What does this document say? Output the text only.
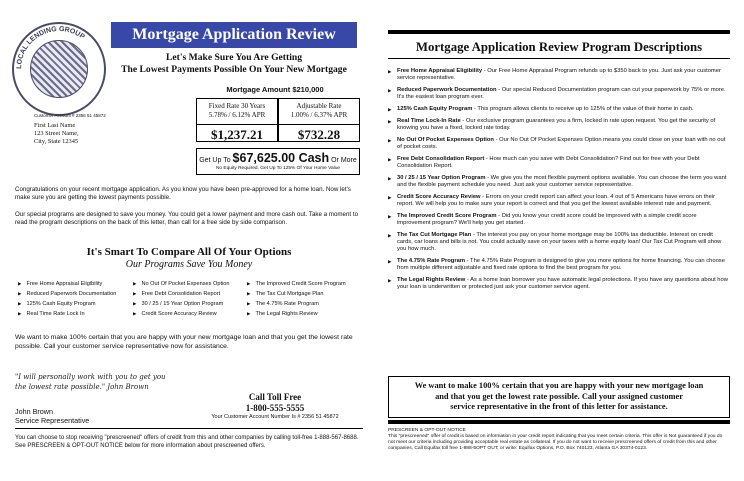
LOCAL LENDING GROUP	Mortgage Application Review
Let's Make Sure You Are Getting
The Lowest Payments Possible On Your New Mortgage
Customer Account # 2356 51 45872
First Last Name
123 Street Name,
City, State 12345
Mortgage Amount $210,000
Fixed Rate 30 Years
5.78% / 6.12% APR
$1,237.21
Adjustable Rate
1.00% / 6.37% APR
$732.28
Get Up To $67,625.00 Cash Or More
No Equity Required. Get Up To 125% Of Your Home Value
Congratulations on your recent mortgage application. As you know you have been pre-approved for a home loan. Now let's make sure you are getting the lowest payments possible.
Our special programs are designed to save you money. You could get a lower payment and more cash out. Take a moment to read the program descriptions on the back of this letter, than call for a free side by side comparison.
It's Smart To Compare All Of Your Options
Our Programs Save You Money
▶ Free Home Appraisal Eligibility
▶ Reduced Paperwork Documentation
▶ 125% Cash Equity Program
▶ Real Time Rate Lock In
▶ No Out Of Pocket Expenses Option
▶ Free Debt Consolidation Report
▶ 30 / 25 / 15 Year Option Program
▶ Credit Score Accuracy Review
▶ The Improved Credit Score Program
▶ The Tax Cut Mortgage Plan
▶ The 4.75% Rate Program
▶ The Legal Rights Review
We want to make 100% certain that you are happy with your new mortgage loan and that you get the lowest rate possible. Call your customer service representative now for assistance.
"I will personally work with you to get you
the lowest rate possible." John Brown
John Brown
Service Representative
Call Toll Free
1-800-555-5555
Your Customer Account Number Is # 2356 51 45872
You can choose to stop receiving "prescreened" offers of credit from this and other companies by calling toll-free 1-888-567-8688. See PRESCREEN & OPT-OUT NOTICE below for more information about prescreened offers.
Mortgage Application Review Program Descriptions
▶ Free Home Appraisal Eligibility - Our Free Home Appraisal Program refunds up to $350 back to you. Just ask your customer service representative.
▶ Reduced Paperwork Documentation - Our special Reduced Documentation program can cut your paperwork by 75% or more. It's the easiest loan program ever.
▶ 125% Cash Equity Program - This program allows clients to receive up to 125% of the value of their home in cash.
▶ Real Time Lock-In Rate - Our exclusive program guarantees you a firm, locked in rate upon request. You get the security of knowing you have a fixed, locked rate today.
▶ No Out Of Pocket Expenses Option - Our No Out Of Pocket Expenses Option means you could close on your loan with no out of pocket costs.
▶ Free Debt Consolidation Report - How much can you save with Debt Consolidation? Find out for free with your Debt Consolidation Report.
▶ 30 / 25 / 15 Year Option Program - We give you the most flexible payment options available. You can choose the term you want and the flexible payment schedule you need. Just ask your customer service representative.
▶ Credit Score Accuracy Review - Errors on your credit report can affect your loan. 4 out of 5 Americans have errors on their report. We will help you to make sure your report is correct and that you get the lowest available interest rate and payment.
▶ The Improved Credit Score Program - Did you know your credit score could be improved with a simple credit score improvement program? We'll help you get started.
▶ The Tax Cut Mortgage Plan - The interest you pay on your home mortgage may be 100% tax deductible. Interest on credit cards, car loans and bills is not. You could actually save on your taxes with a home equity loan! Our Tax Cut Program will show you how much.
▶ The 4.75% Rate Program - The 4.75% Rate Program is designed to give you more options for home financing. You can choose from multiple different adjustable and fixed rate options to find the best program for you.
▶ The Legal Rights Review - As a home loan borrower you have automatic legal protections. If you have any questions about how your loan is underwritten or protected just ask your customer service agent.
We want to make 100% certain that you are happy with your new mortgage loan
and that you get the lowest rate possible. Call your assigned customer
service representative in the front of this letter for assistance.
PRESCREEN & OPT-OUT NOTICE
This "prescreened" offer of credit is based on information in your credit report indicating that you meet certain criteria. This offer is Not guaranteed if you do not meet our criteria including providing acceptable real estate as collateral. If you do not want to receive prescreened offers of credit from this and other companies, Call Equifax toll free 1-888-5OPT OUT; or write: Equifax Options, P.O. Box 740123, Atlanta GA 30374-0123.
